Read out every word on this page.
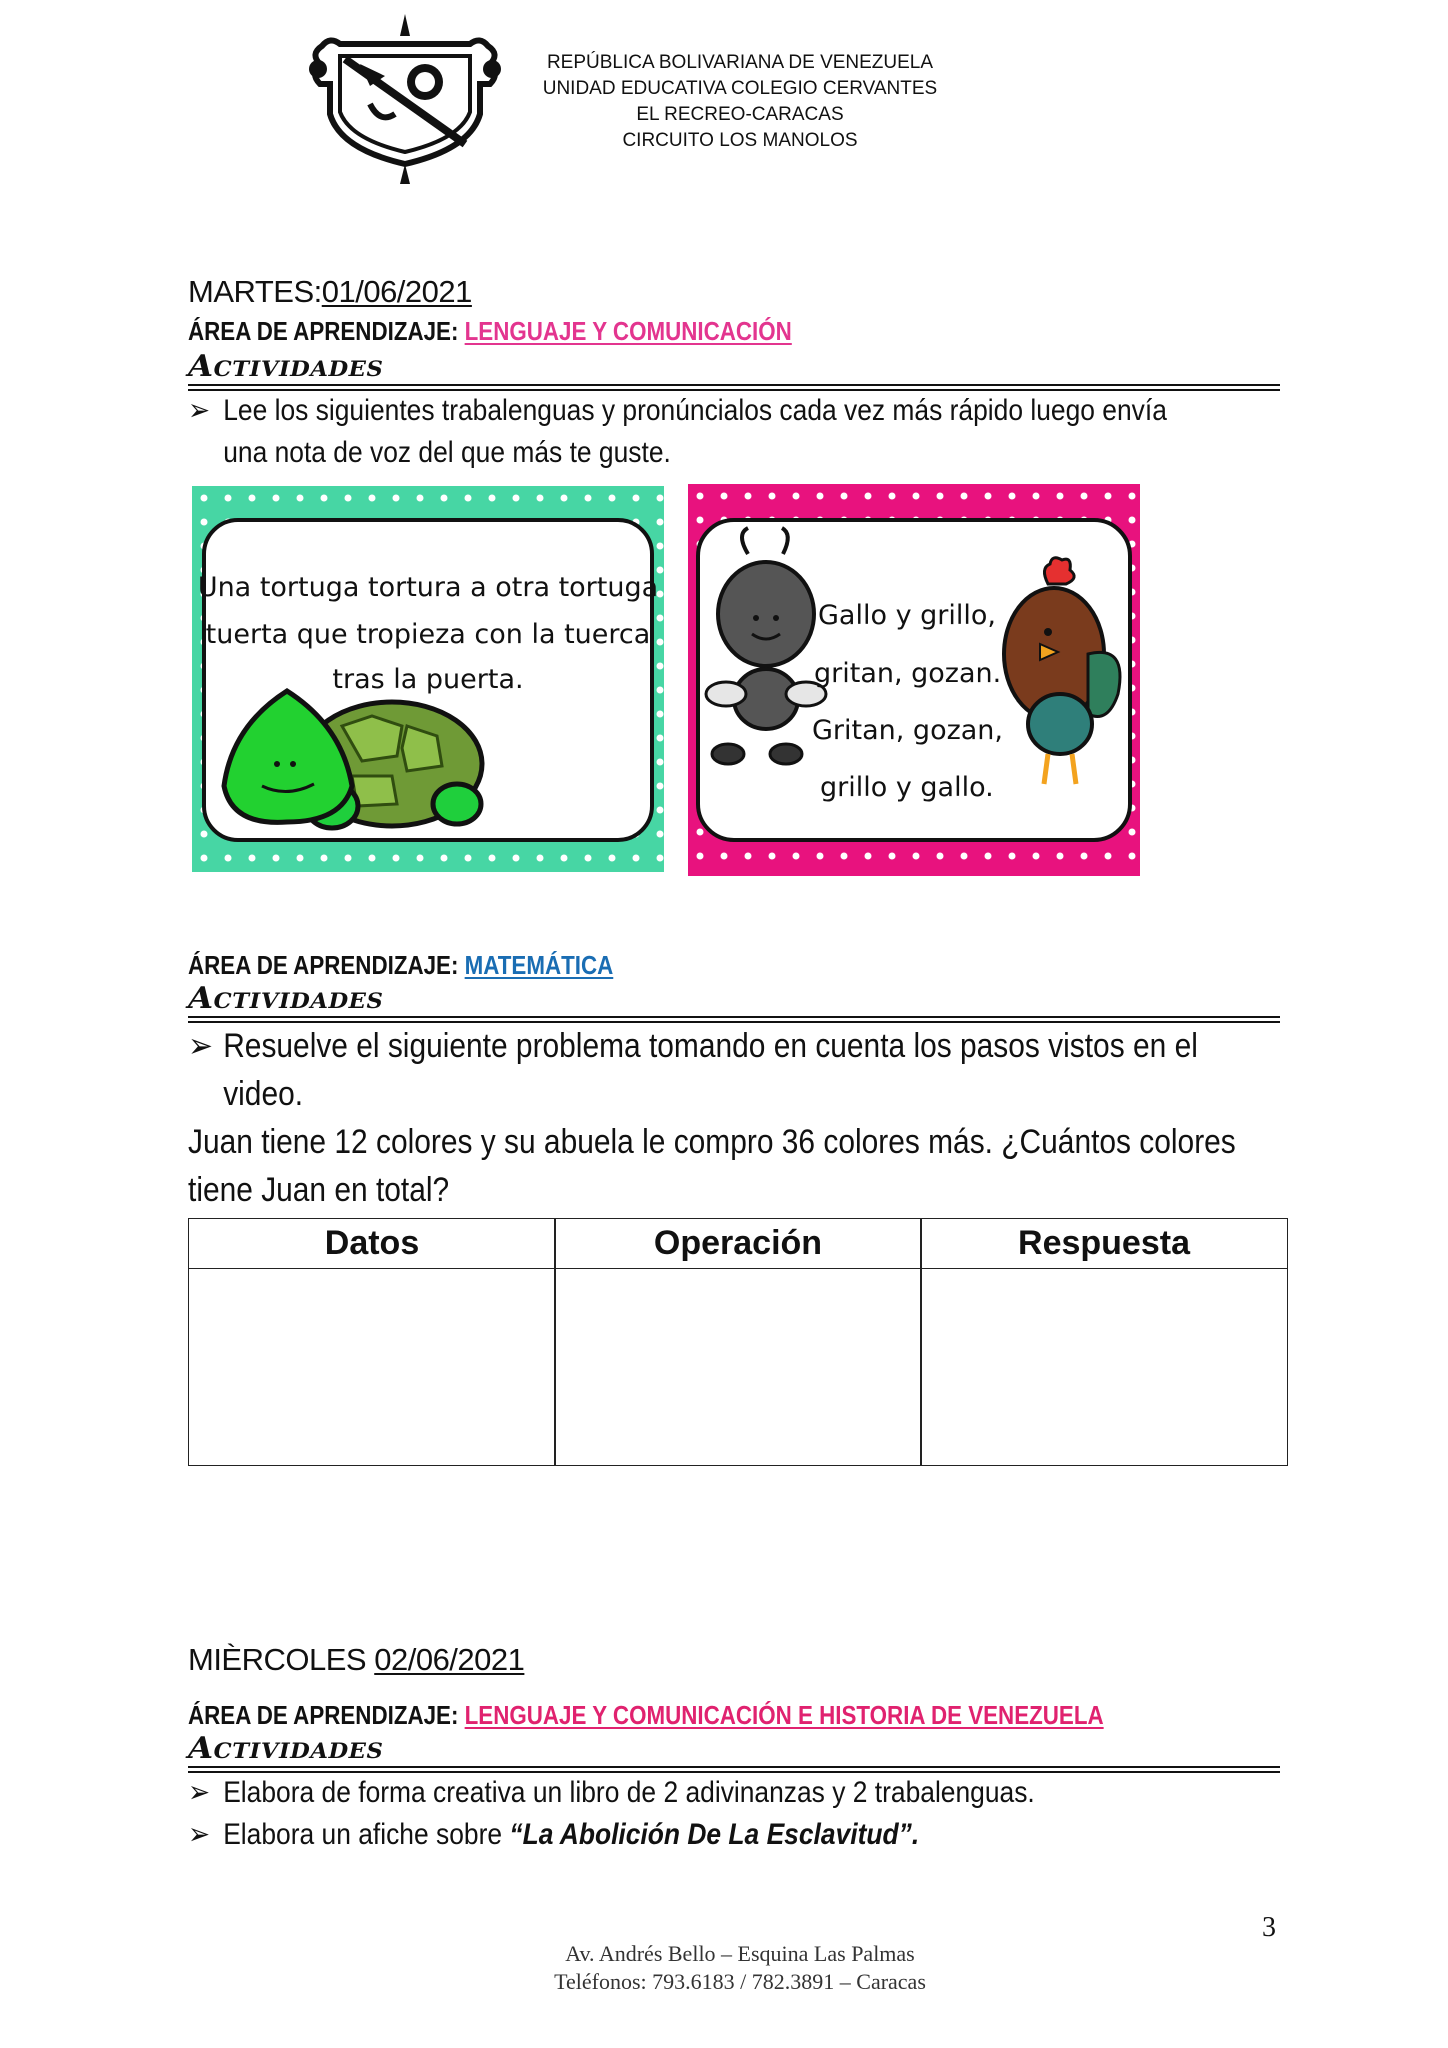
REPÚBLICA BOLIVARIANA DE VENEZUELA
UNIDAD EDUCATIVA COLEGIO CERVANTES
EL RECREO-CARACAS
CIRCUITO LOS MANOLOS
MARTES:01/06/2021
ÁREA DE APRENDIZAJE: LENGUAJE Y COMUNICACIÓN
Actividades
➢ Lee los siguientes trabalenguas y pronúncialos cada vez más rápido luego envía
una nota de voz del que más te guste.
Una tortuga tortura a otra tortuga
tuerta que tropieza con la tuerca
tras la puerta.
Gallo y grillo,
gritan, gozan.
Gritan, gozan,
grillo y gallo.
ÁREA DE APRENDIZAJE: MATEMÁTICA
Actividades
➢ Resuelve el siguiente problema tomando en cuenta los pasos vistos en el
video.
Juan tiene 12 colores y su abuela le compro 36 colores más. ¿Cuántos colores
tiene Juan en total?
Datos	Operación	Respuesta
MIÈRCOLES 02/06/2021
ÁREA DE APRENDIZAJE: LENGUAJE Y COMUNICACIÓN E HISTORIA DE VENEZUELA
Actividades
➢ Elabora de forma creativa un libro de 2 adivinanzas y 2 trabalenguas.
➢ Elabora un afiche sobre “La Abolición De La Esclavitud”.
3
Av. Andrés Bello – Esquina Las Palmas
Teléfonos: 793.6183 / 782.3891 – Caracas
